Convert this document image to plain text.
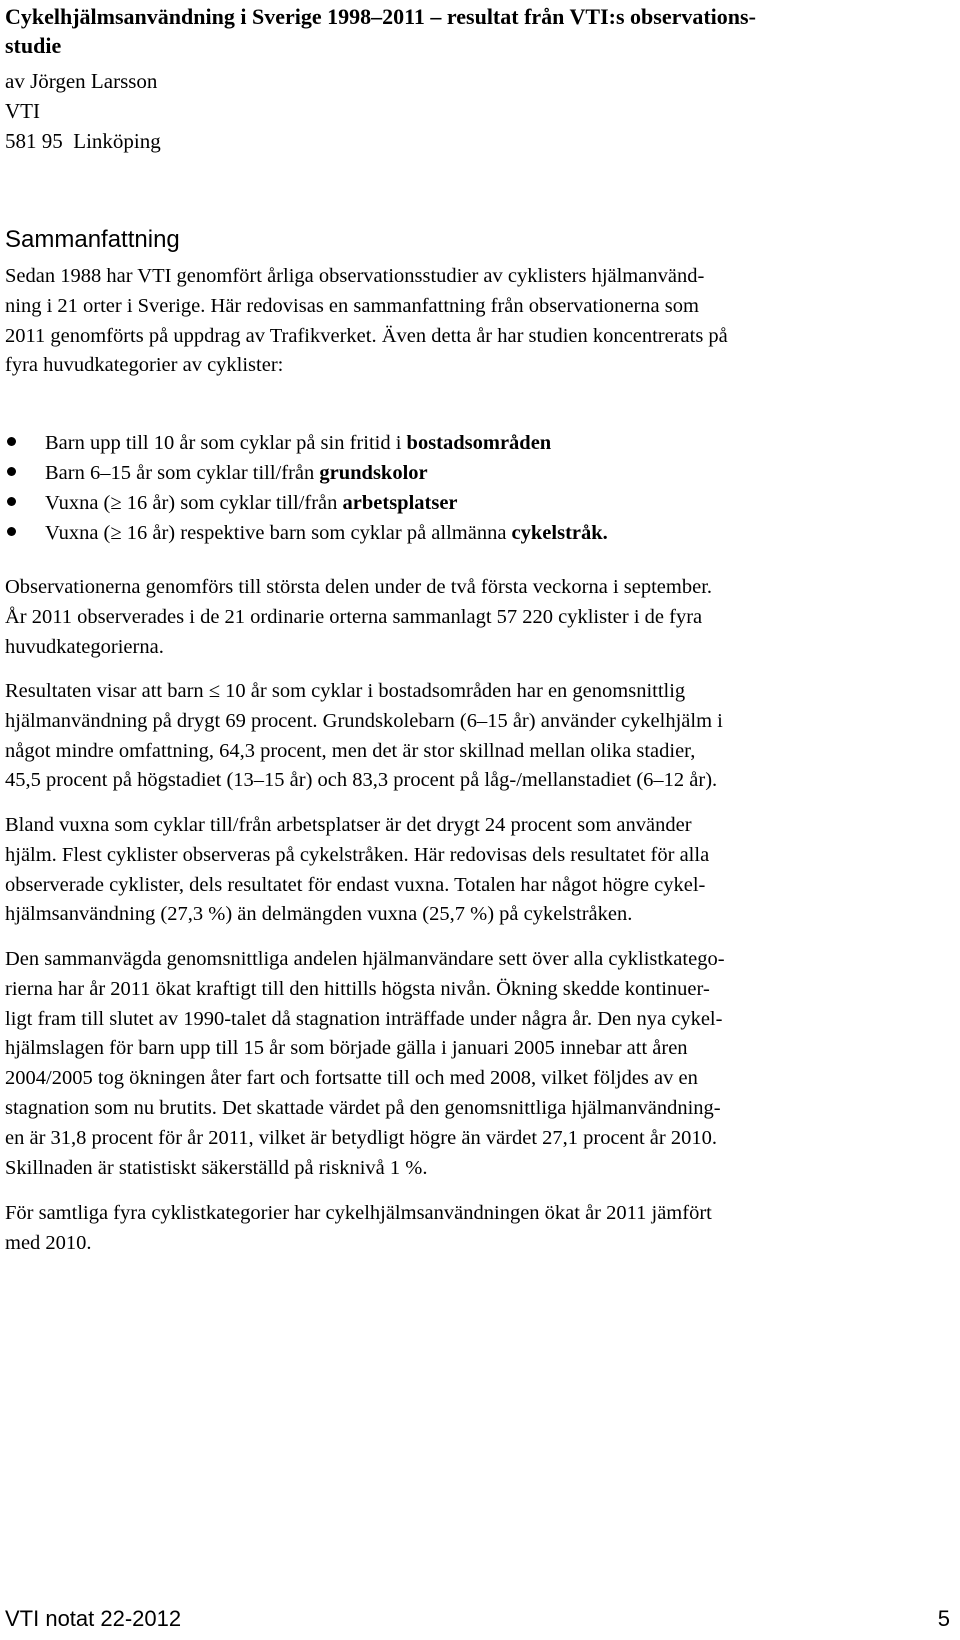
Cykelhjälmsanvändning i Sverige 1998–2011 – resultat från VTI:s observations-
studie
av Jörgen Larsson
VTI
581 95  Linköping
Sammanfattning

Sedan 1988 har VTI genomfört årliga observationsstudier av cyklisters hjälmanvänd-
ning i 21 orter i Sverige. Här redovisas en sammanfattning från observationerna som
2011 genomförts på uppdrag av Trafikverket. Även detta år har studien koncentrerats på
fyra huvudkategorier av cyklister:

Barn upp till 10 år som cyklar på sin fritid i bostadsområden
Barn 6–15 år som cyklar till/från grundskolor
Vuxna (≥ 16 år) som cyklar till/från arbetsplatser
Vuxna (≥ 16 år) respektive barn som cyklar på allmänna cykelstråk.

Observationerna genomförs till största delen under de två första veckorna i september.
År 2011 observerades i de 21 ordinarie orterna sammanlagt 57 220 cyklister i de fyra
huvudkategorierna.

Resultaten visar att barn ≤ 10 år som cyklar i bostadsområden har en genomsnittlig
hjälmanvändning på drygt 69 procent. Grundskolebarn (6–15 år) använder cykelhjälm i
något mindre omfattning, 64,3 procent, men det är stor skillnad mellan olika stadier,
45,5 procent på högstadiet (13–15 år) och 83,3 procent på låg-/mellanstadiet (6–12 år).

Bland vuxna som cyklar till/från arbetsplatser är det drygt 24 procent som använder
hjälm. Flest cyklister observeras på cykelstråken. Här redovisas dels resultatet för alla
observerade cyklister, dels resultatet för endast vuxna. Totalen har något högre cykel-
hjälmsanvändning (27,3 %) än delmängden vuxna (25,7 %) på cykelstråken.

Den sammanvägda genomsnittliga andelen hjälmanvändare sett över alla cyklistkatego-
rierna har år 2011 ökat kraftigt till den hittills högsta nivån. Ökning skedde kontinuer-
ligt fram till slutet av 1990-talet då stagnation inträffade under några år. Den nya cykel-
hjälmslagen för barn upp till 15 år som började gälla i januari 2005 innebar att åren
2004/2005 tog ökningen åter fart och fortsatte till och med 2008, vilket följdes av en
stagnation som nu brutits. Det skattade värdet på den genomsnittliga hjälmanvändning-
en är 31,8 procent för år 2011, vilket är betydligt högre än värdet 27,1 procent år 2010.
Skillnaden är statistiskt säkerställd på risknivå 1 %.

För samtliga fyra cyklistkategorier har cykelhjälmsanvändningen ökat år 2011 jämfört
med 2010.

VTI notat 22-2012	5
